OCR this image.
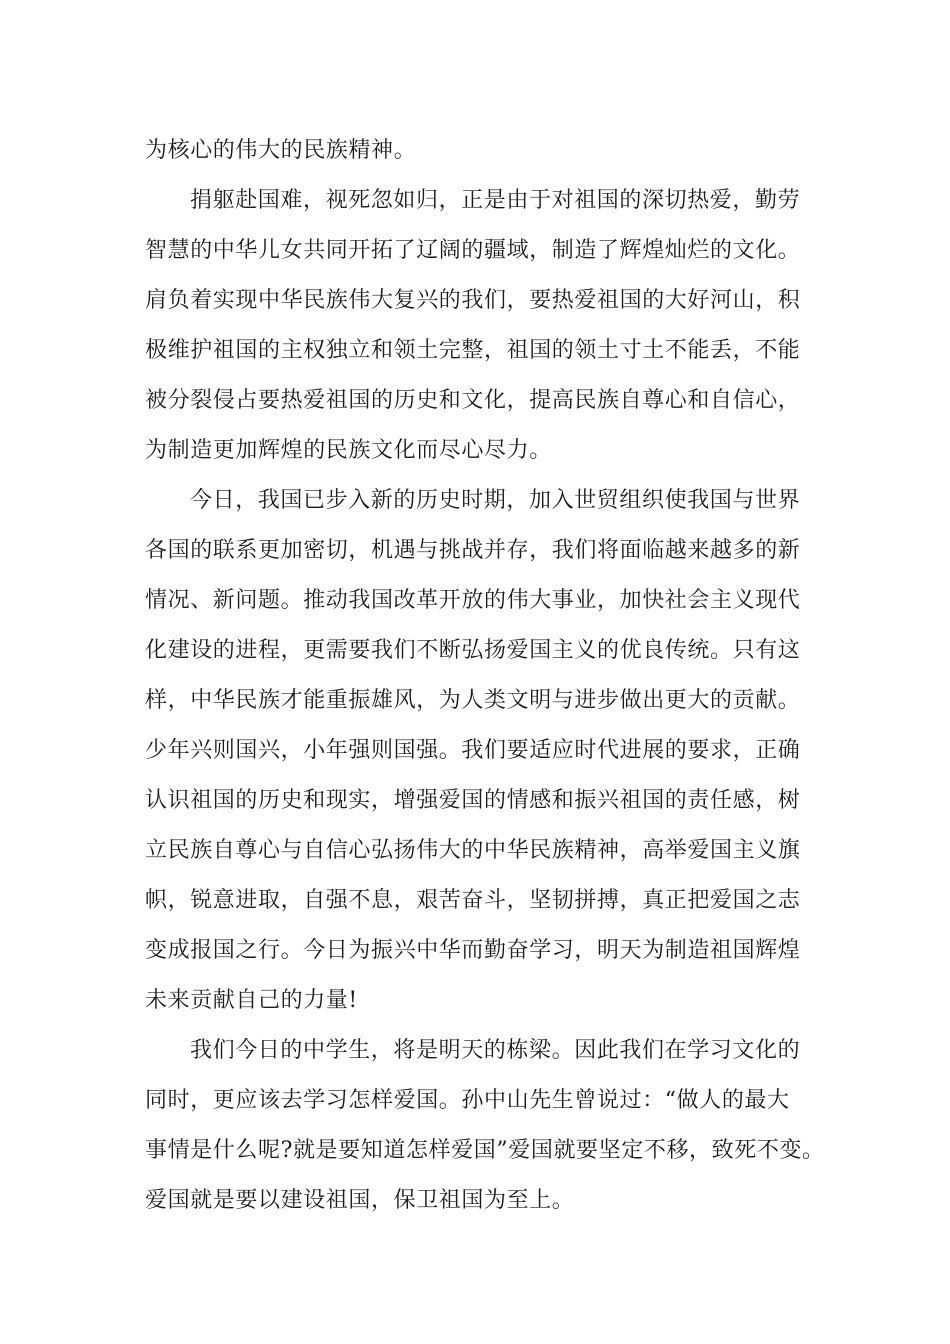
为核心的伟大的民族精神。
捐躯赴国难，视死忽如归，正是由于对祖国的深切热爱，勤劳
智慧的中华儿女共同开拓了辽阔的疆域，制造了辉煌灿烂的文化。
肩负着实现中华民族伟大复兴的我们，要热爱祖国的大好河山，积
极维护祖国的主权独立和领土完整，祖国的领土寸土不能丢，不能
被分裂侵占要热爱祖国的历史和文化，提高民族自尊心和自信心，
为制造更加辉煌的民族文化而尽心尽力。
今日，我国已步入新的历史时期，加入世贸组织使我国与世界
各国的联系更加密切，机遇与挑战并存，我们将面临越来越多的新
情况、新问题。推动我国改革开放的伟大事业，加快社会主义现代
化建设的进程，更需要我们不断弘扬爱国主义的优良传统。只有这
样，中华民族才能重振雄风，为人类文明与进步做出更大的贡献。
少年兴则国兴，小年强则国强。我们要适应时代进展的要求，正确
认识祖国的历史和现实，增强爱国的情感和振兴祖国的责任感，树
立民族自尊心与自信心弘扬伟大的中华民族精神，高举爱国主义旗
帜，锐意进取，自强不息，艰苦奋斗，坚韧拼搏，真正把爱国之志
变成报国之行。今日为振兴中华而勤奋学习，明天为制造祖国辉煌
未来贡献自己的力量!
我们今日的中学生，将是明天的栋梁。因此我们在学习文化的
同时，更应该去学习怎样爱国。孙中山先生曾说过：“做人的最大
事情是什么呢?就是要知道怎样爱国”爱国就要坚定不移，致死不变。
爱国就是要以建设祖国，保卫祖国为至上。
